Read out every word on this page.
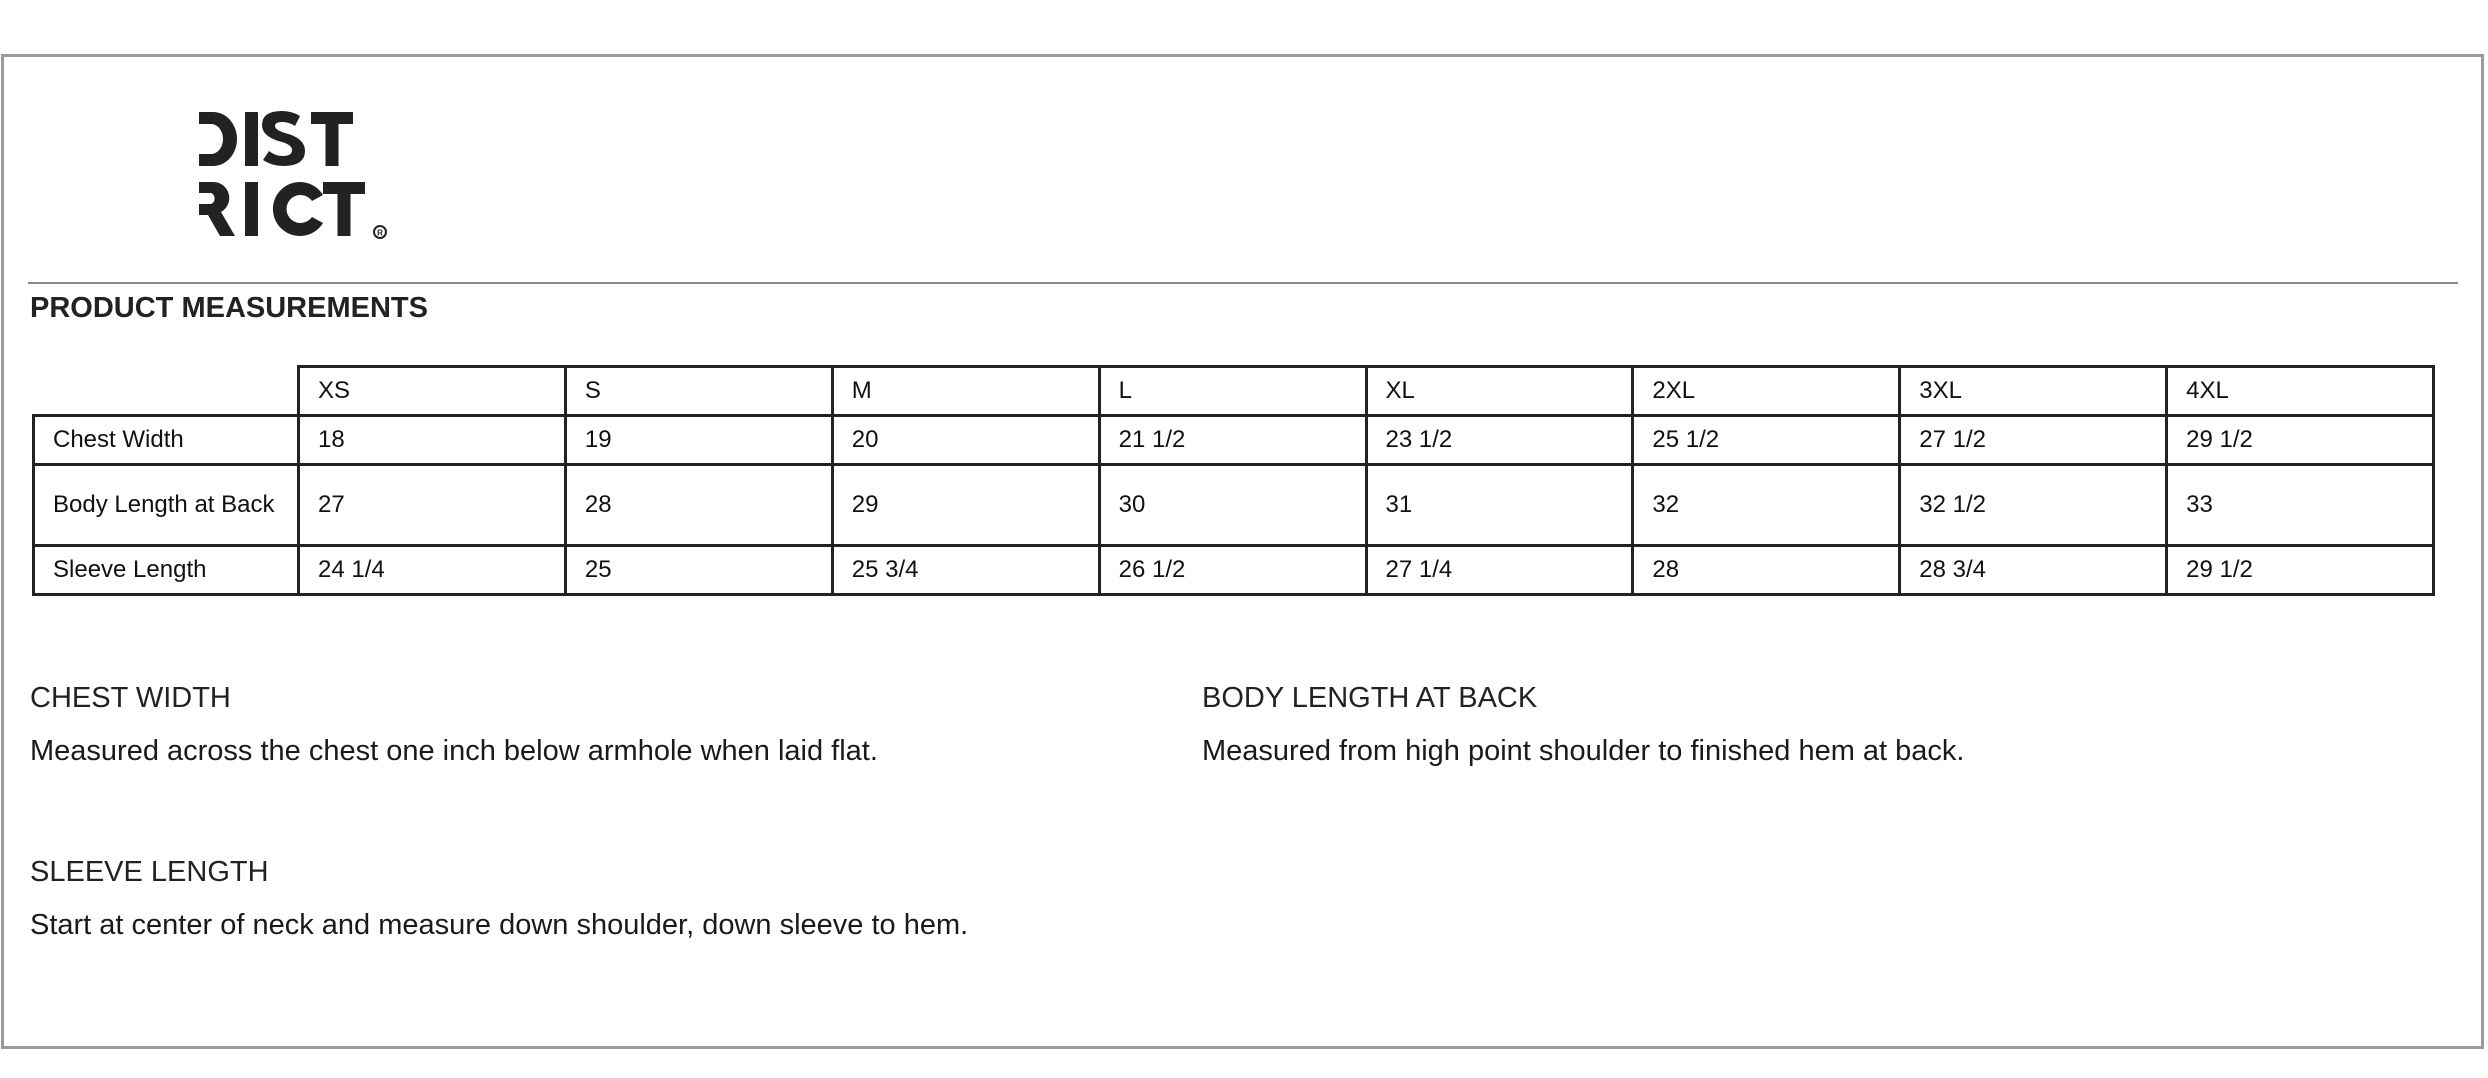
R
PRODUCT MEASUREMENTS
	XS	S	M	L	XL	2XL	3XL	4XL
Chest Width	18	19	20	21 1/2	23 1/2	25 1/2	27 1/2	29 1/2
Body Length at Back	27	28	29	30	31	32	32 1/2	33
Sleeve Length	24 1/4	25	25 3/4	26 1/2	27 1/4	28	28 3/4	29 1/2
CHEST WIDTH
Measured across the chest one inch below armhole when laid flat.
BODY LENGTH AT BACK
Measured from high point shoulder to finished hem at back.
SLEEVE LENGTH
Start at center of neck and measure down shoulder, down sleeve to hem.
